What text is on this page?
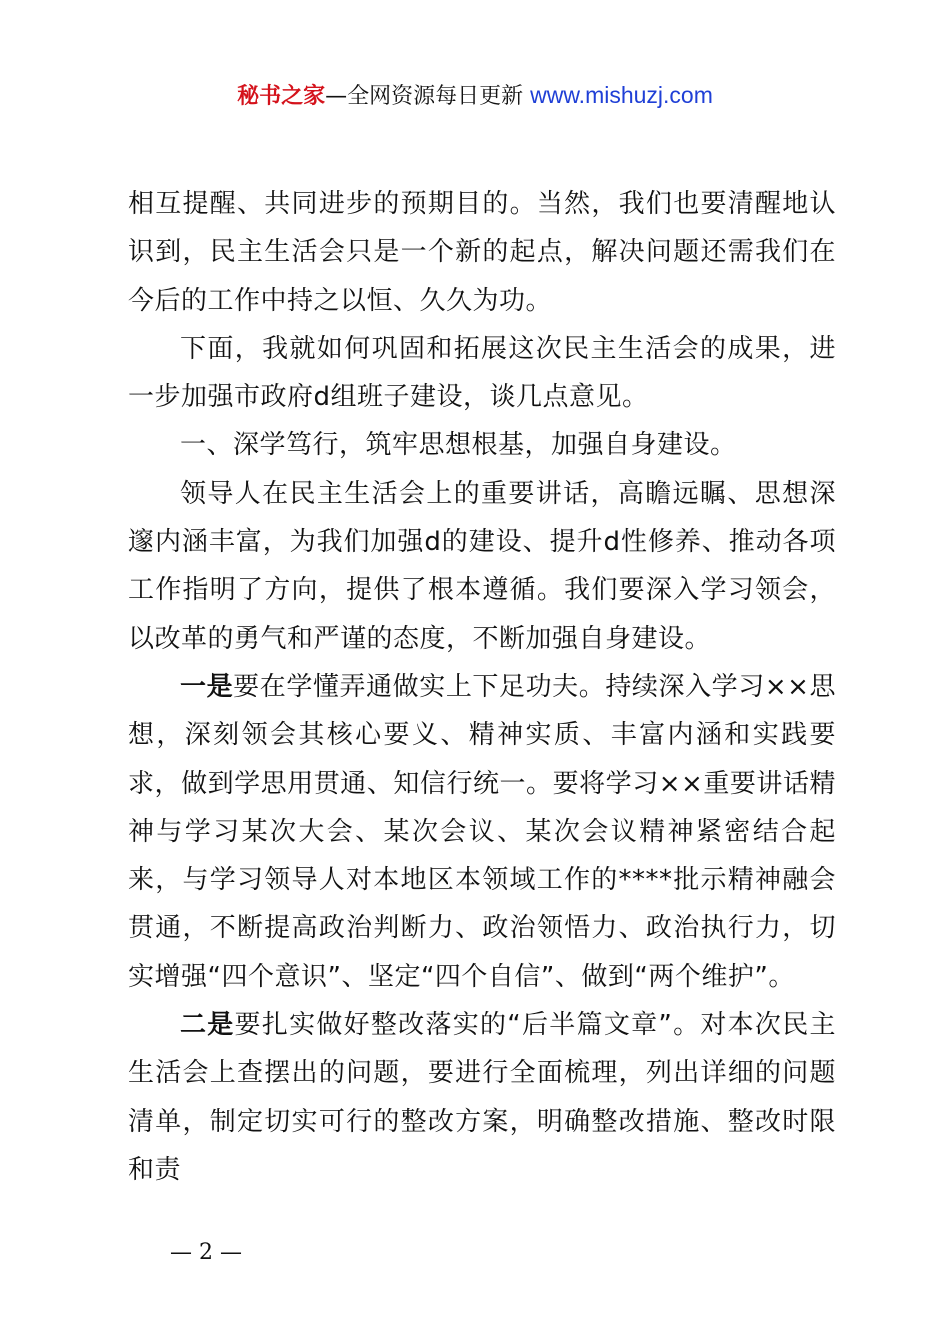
秘书之家—全网资源每日更新 www.mishuzj.com

相互提醒、共同进步的预期目的。当然，我们也要清醒地认识到，民主生活会只是一个新的起点，解决问题还需我们在今后的工作中持之以恒、久久为功。

下面，我就如何巩固和拓展这次民主生活会的成果，进一步加强市政府d组班子建设，谈几点意见。

一、深学笃行，筑牢思想根基，加强自身建设。

领导人在民主生活会上的重要讲话，高瞻远瞩、思想深邃内涵丰富，为我们加强d的建设、提升d性修养、推动各项工作指明了方向，提供了根本遵循。我们要深入学习领会，以改革的勇气和严谨的态度，不断加强自身建设。

一是要在学懂弄通做实上下足功夫。持续深入学习××思想，深刻领会其核心要义、精神实质、丰富内涵和实践要求，做到学思用贯通、知信行统一。要将学习××重要讲话精神与学习某次大会、某次会议、某次会议精神紧密结合起来，与学习领导人对本地区本领域工作的****批示精神融会贯通，不断提高政治判断力、政治领悟力、政治执行力，切实增强“四个意识”、坚定“四个自信”、做到“两个维护”。

二是要扎实做好整改落实的“后半篇文章”。对本次民主生活会上查摆出的问题，要进行全面梳理，列出详细的问题清单，制定切实可行的整改方案，明确整改措施、整改时限和责

— 2 —
